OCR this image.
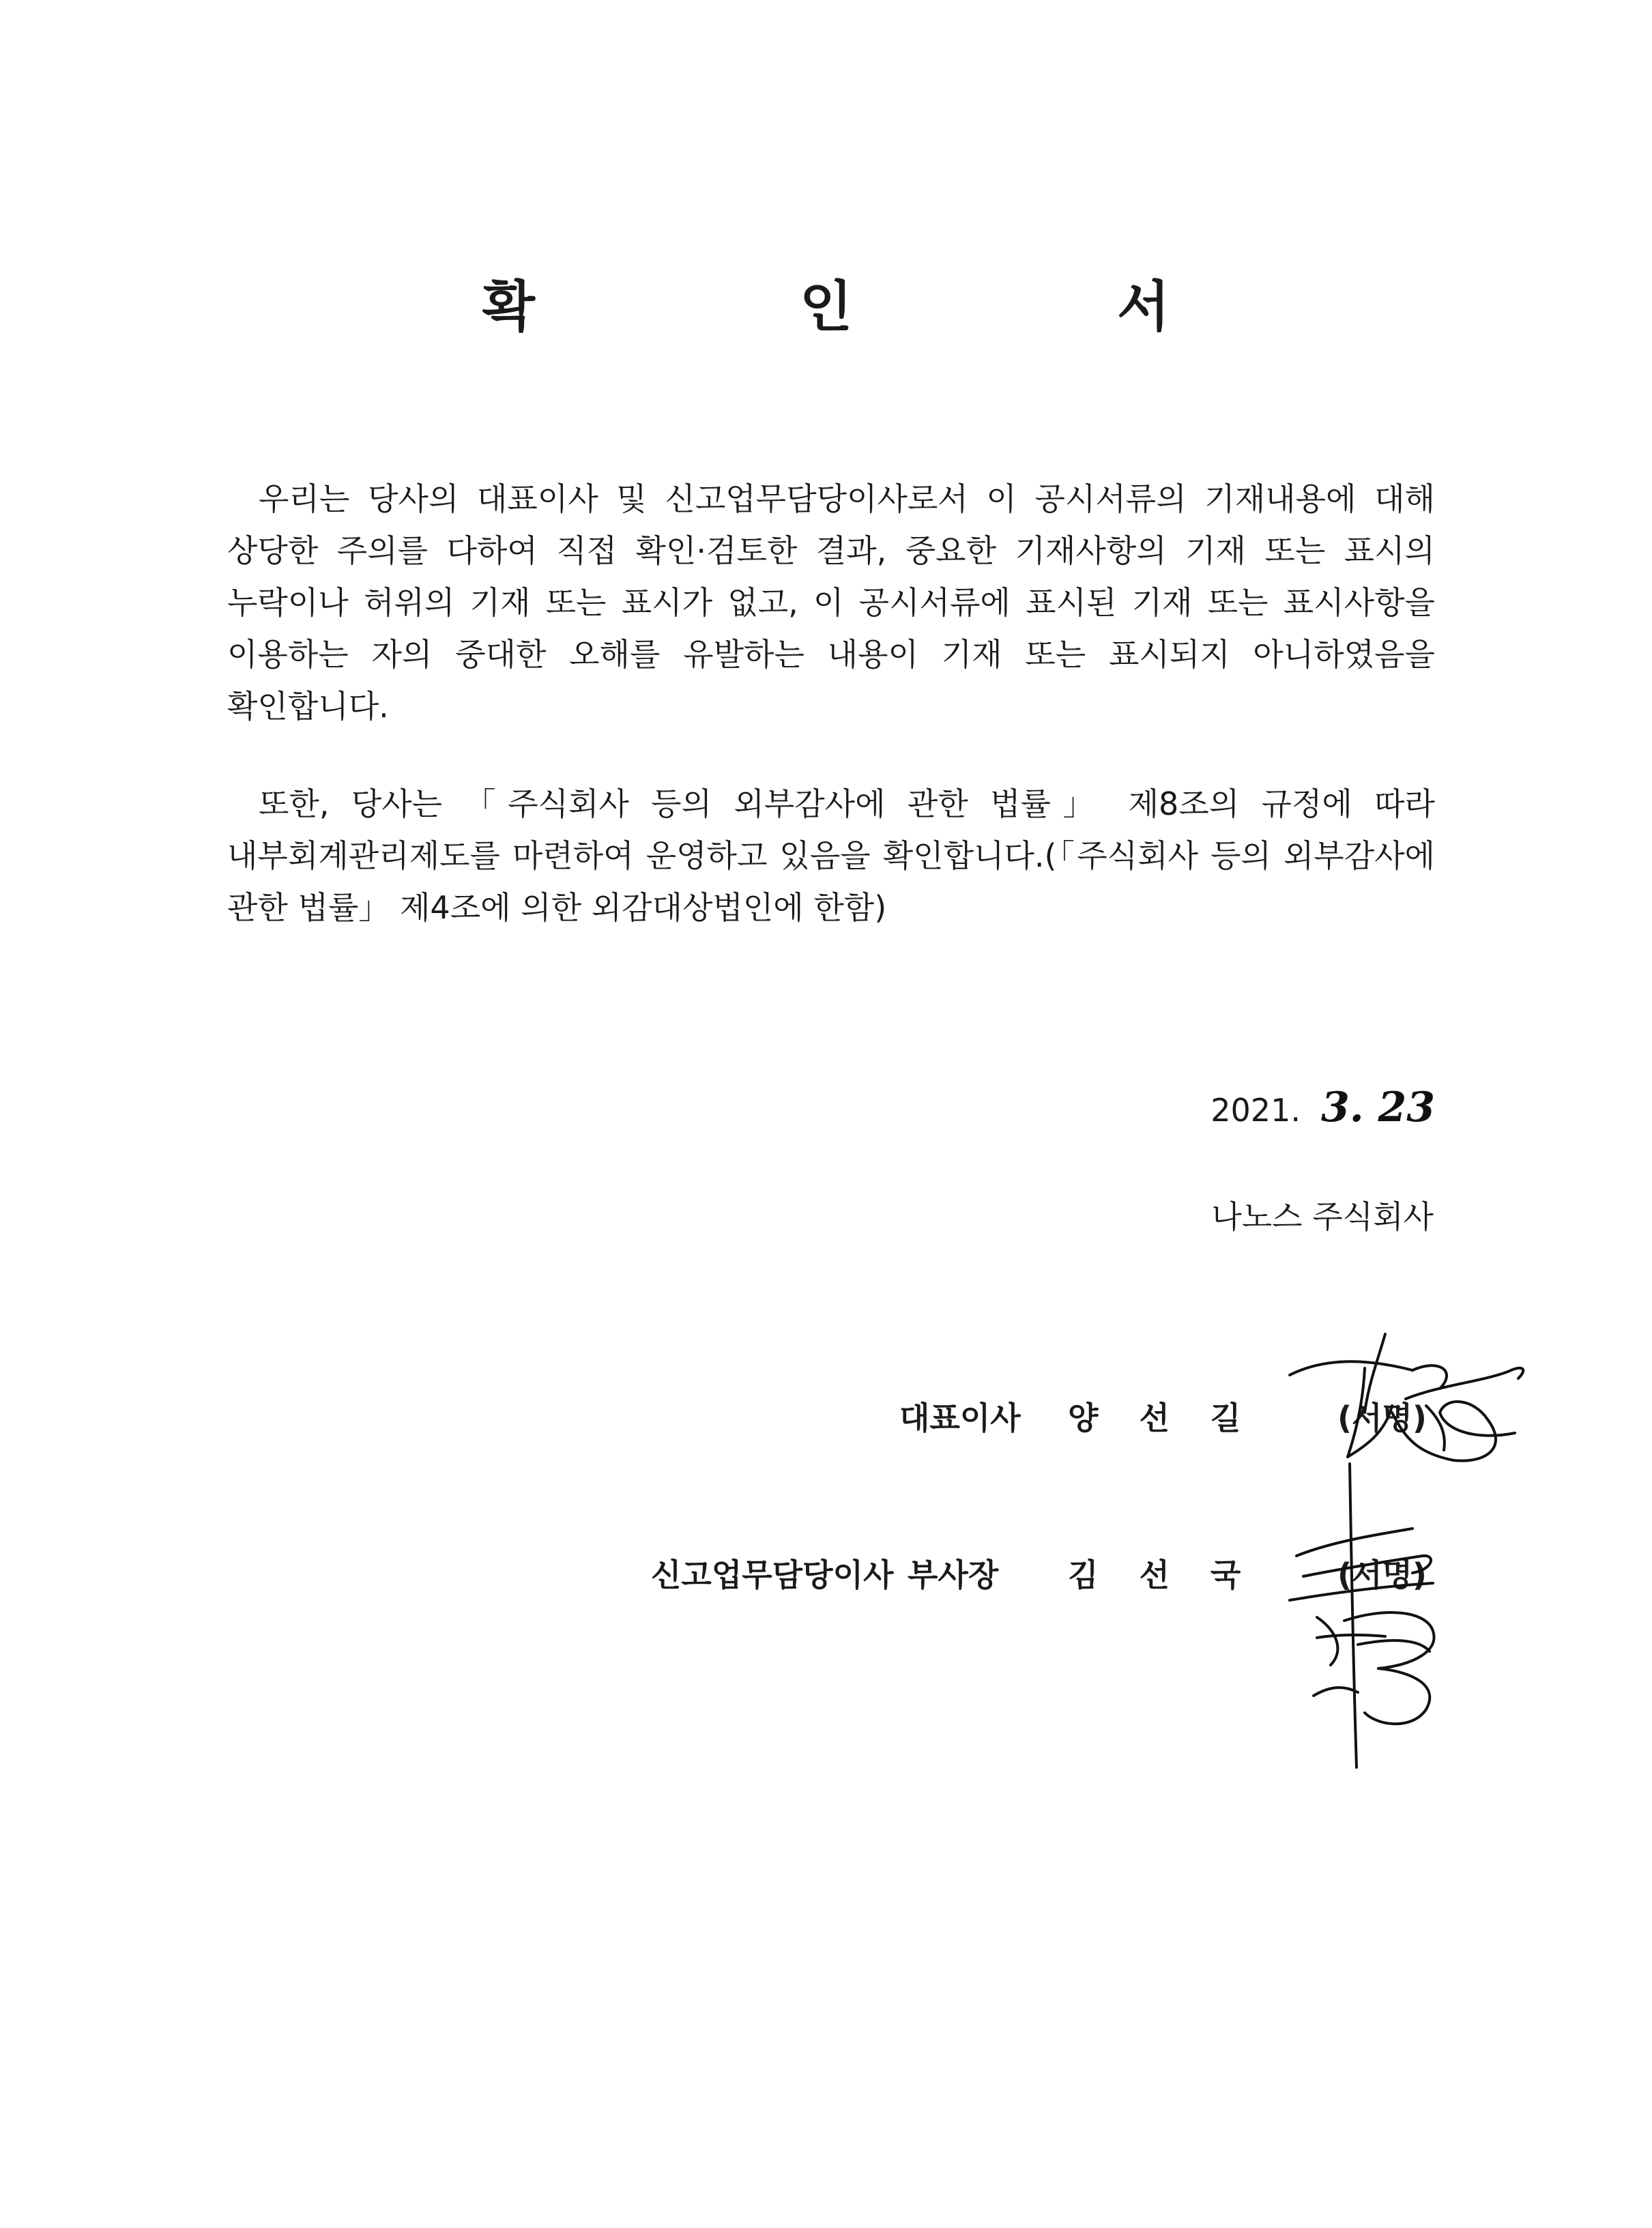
확 인 서
우리는 당사의 대표이사 및 신고업무담당이사로서 이 공시서류의 기재내용에 대해 상당한 주의를 다하여 직접 확인·검토한 결과, 중요한 기재사항의 기재 또는 표시의 누락이나 허위의 기재 또는 표시가 없고, 이 공시서류에 표시된 기재 또는 표시사항을 이용하는 자의 중대한 오해를 유발하는 내용이 기재 또는 표시되지 아니하였음을 확인합니다.
또한, 당사는 「주식회사 등의 외부감사에 관한 법률」 제8조의 규정에 따라 내부회계관리제도를 마련하여 운영하고 있음을 확인합니다.(「주식회사 등의 외부감사에 관한 법률」 제4조에 의한 외감대상법인에 한함)
2021. 3. 23
나노스 주식회사
대표이사 양 선 길	(서명)
신고업무담당이사 부사장 김 선 국	(서명)
